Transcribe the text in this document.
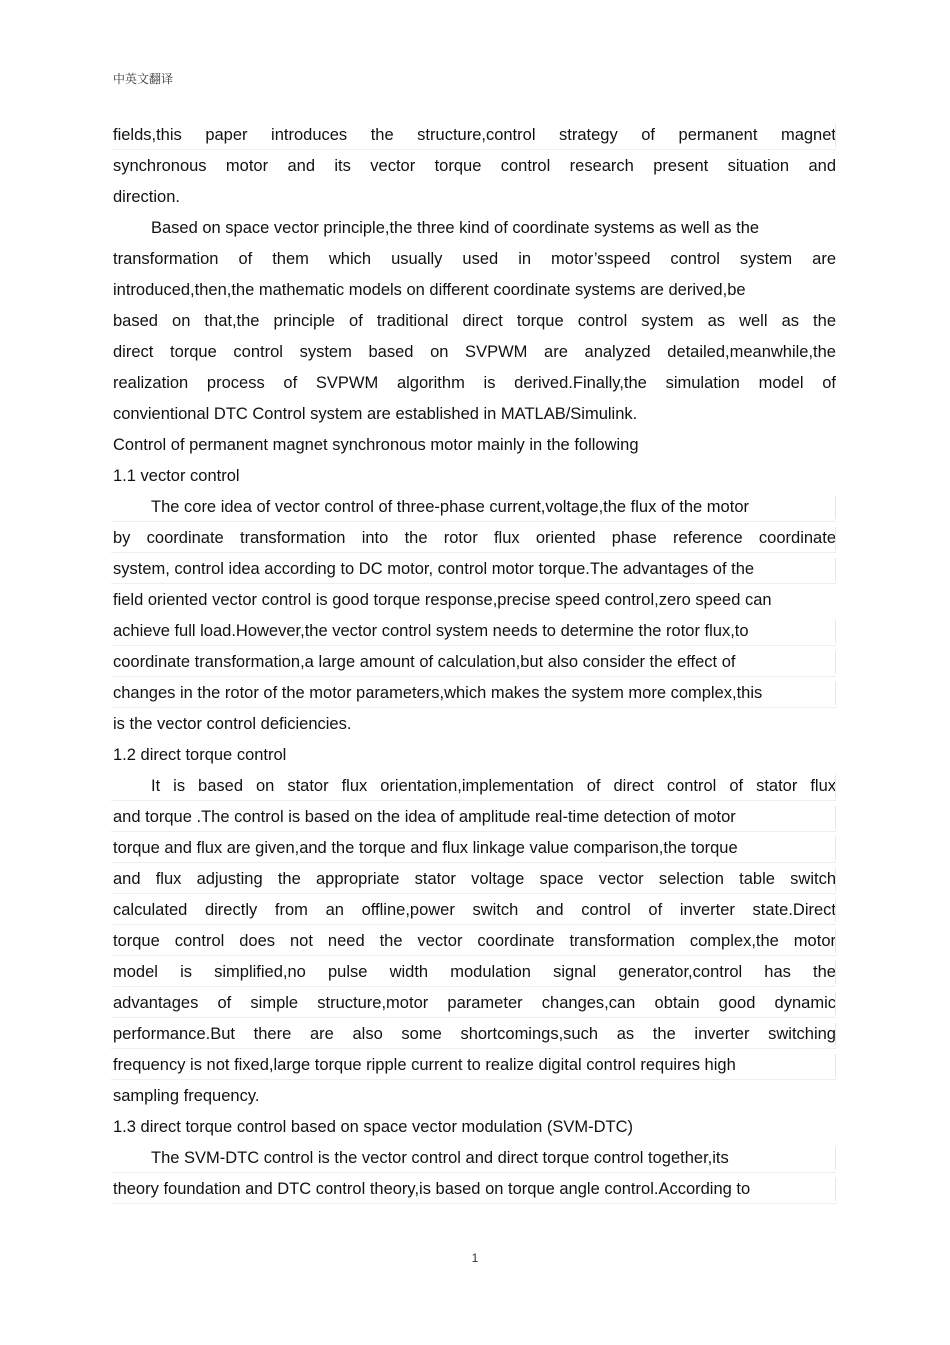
中英文翻译
fields,this paper introduces the structure,control strategy of permanent magnet
synchronous motor and its vector torque control research present situation and
direction.
Based on space vector principle,the three kind of coordinate systems as well as the
transformation of them which usually used in motor’sspeed control system are
introduced,then,the mathematic models on different coordinate systems are derived,be
based on that,the principle of traditional direct torque control system as well as the
direct torque control system based on SVPWM are analyzed detailed,meanwhile,the
realization process of SVPWM algorithm is derived.Finally,the simulation model of
convientional DTC Control system are established in MATLAB/Simulink.
Control of permanent magnet synchronous motor mainly in the following
1.1 vector control
The core idea of vector control of three-phase current,voltage,the flux of the motor
by coordinate transformation into the rotor flux oriented phase reference coordinate
system, control idea according to DC motor, control motor torque.The advantages of the
field oriented vector control is good torque response,precise speed control,zero speed can
achieve full load.However,the vector control system needs to determine the rotor flux,to
coordinate transformation,a large amount of calculation,but also consider the effect of
changes in the rotor of the motor parameters,which makes the system more complex,this
is the vector control deficiencies.
1.2 direct torque control
It is based on stator flux orientation,implementation of direct control of stator flux
and torque .The control is based on the idea of amplitude real-time detection of motor
torque and flux are given,and the torque and flux linkage value comparison,the torque
and flux adjusting the appropriate stator voltage space vector selection table switch
calculated directly from an offline,power switch and control of inverter state.Direct
torque control does not need the vector coordinate transformation complex,the motor
model is simplified,no pulse width modulation signal generator,control has the
advantages of simple structure,motor parameter changes,can obtain good dynamic
performance.But there are also some shortcomings,such as the inverter switching
frequency is not fixed,large torque ripple current to realize digital control requires high
sampling frequency.
1.3 direct torque control based on space vector modulation (SVM-DTC)
The SVM-DTC control is the vector control and direct torque control together,its
theory foundation and DTC control theory,is based on torque angle control.According to
1
